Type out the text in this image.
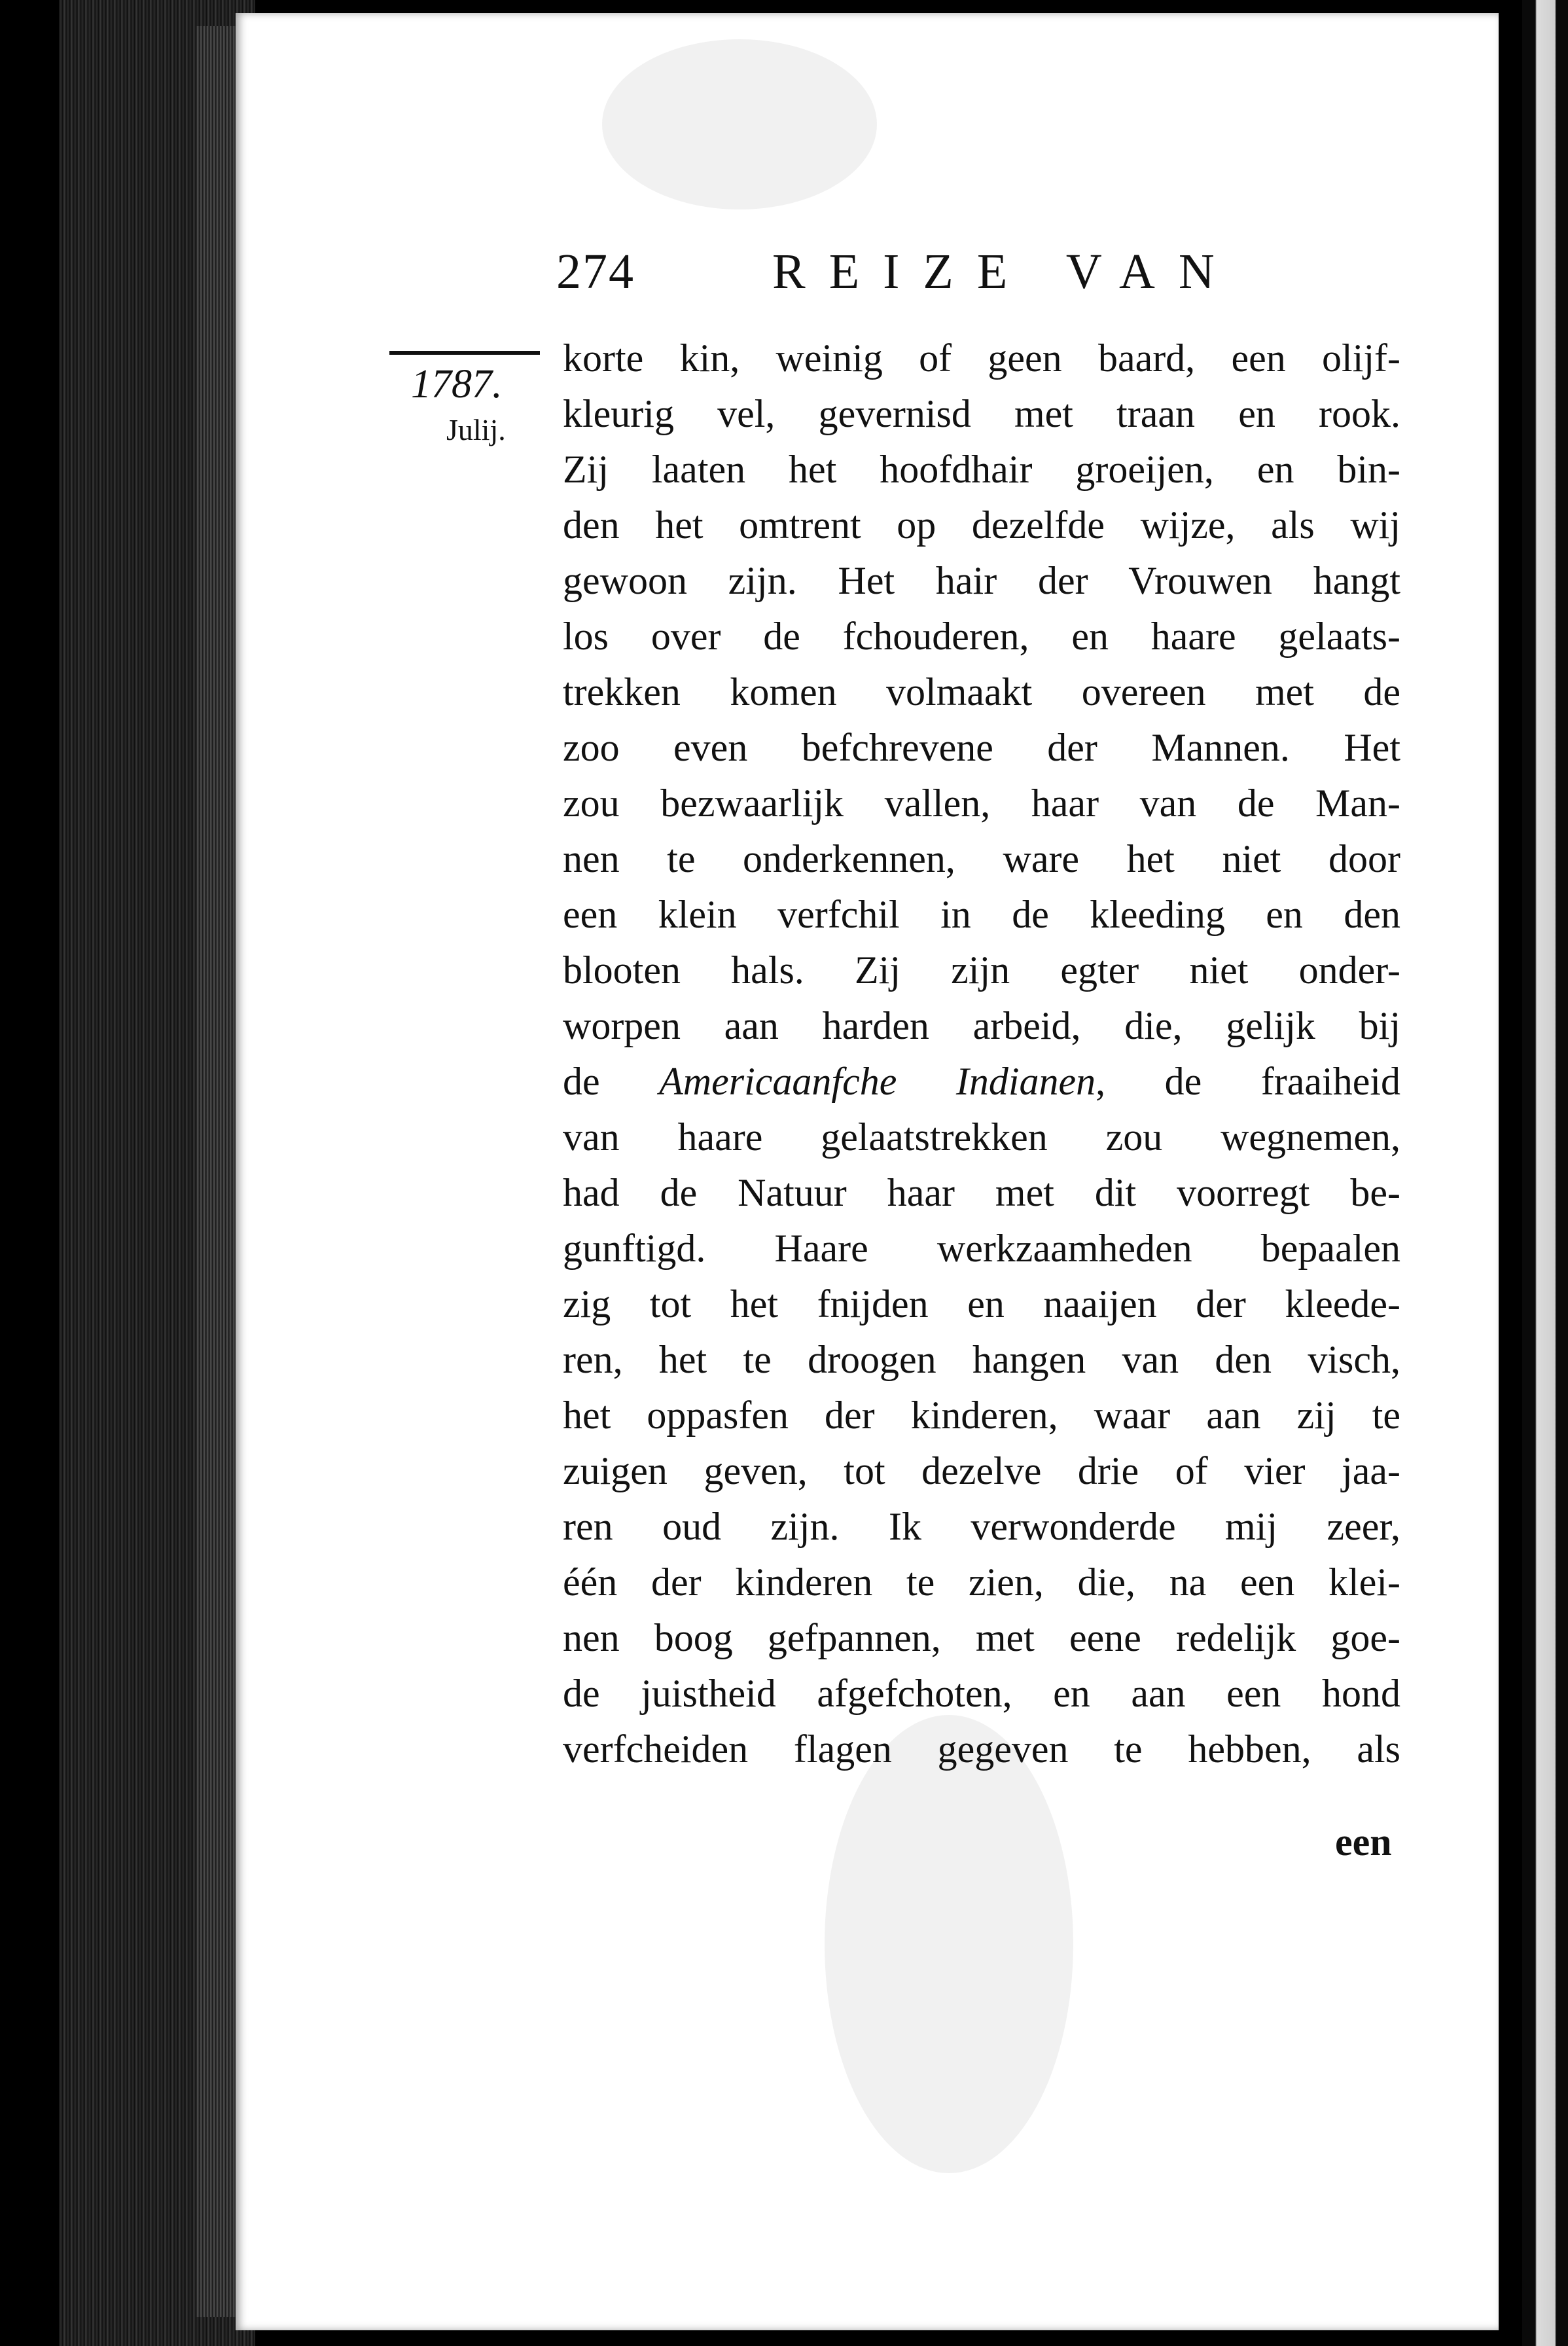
274	REIZE VAN
1787.
Julij.
korte kin, weinig of geen baard, een olijf-
kleurig vel, gevernisd met traan en rook.
Zij laaten het hoofdhair groeijen, en bin-
den het omtrent op dezelfde wijze, als wij
gewoon zijn. Het hair der Vrouwen hangt
los over de fchouderen, en haare gelaats-
trekken komen volmaakt overeen met de
zoo even befchrevene der Mannen. Het
zou bezwaarlijk vallen, haar van de Man-
nen te onderkennen, ware het niet door
een klein verfchil in de kleeding en den
blooten hals. Zij zijn egter niet onder-
worpen aan harden arbeid, die, gelijk bij
de Americaanfche Indianen, de fraaiheid
van haare gelaatstrekken zou wegnemen,
had de Natuur haar met dit voorregt be-
gunftigd. Haare werkzaamheden bepaalen
zig tot het fnijden en naaijen der kleede-
ren, het te droogen hangen van den visch,
het oppasfen der kinderen, waar aan zij te
zuigen geven, tot dezelve drie of vier jaa-
ren oud zijn. Ik verwonderde mij zeer,
één der kinderen te zien, die, na een klei-
nen boog gefpannen, met eene redelijk goe-
de juistheid afgefchoten, en aan een hond
verfcheiden flagen gegeven te hebben, als
een
